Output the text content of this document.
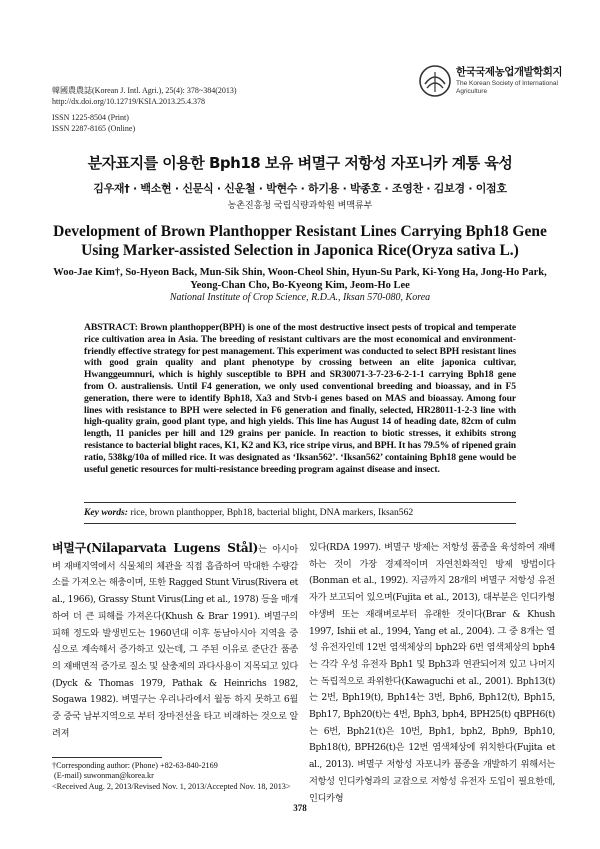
韓國農農誌(Korean J. Intl. Agri.), 25(4): 378~384(2013)
http://dx.doi.org/10.12719/KSIA.2013.25.4.378
ISSN 1225-8504 (Print)
ISSN 2287-8165 (Online)
한국국제농업개발학회지
The Korean Society of International
Agriculture
분자표지를 이용한 Bph18 보유 벼멸구 저항성 자포니카 계통 육성
김우재† · 백소현 · 신문식 · 신운철 · 박현수 · 하기용 · 박종호 · 조영찬 · 김보경 · 이점호
농촌진흥청 국립식량과학원 벼맥류부
Development of Brown Planthopper Resistant Lines Carrying Bph18 Gene
Using Marker-assisted Selection in Japonica Rice(Oryza sativa L.)
Woo-Jae Kim†, So-Hyeon Back, Mun-Sik Shin, Woon-Cheol Shin, Hyun-Su Park, Ki-Yong Ha, Jong-Ho Park,
Yeong-Chan Cho, Bo-Kyeong Kim, Jeom-Ho Lee
National Institute of Crop Science, R.D.A., Iksan 570-080, Korea
ABSTRACT: Brown planthopper(BPH) is one of the most destructive insect pests of tropical and temperate rice cultivation area in Asia. The breeding of resistant cultivars are the most economical and environment-friendly effective strategy for pest management. This experiment was conducted to select BPH resistant lines with good grain quality and plant phenotype by crossing between an elite japonica cultivar, Hwanggeumnuri, which is highly susceptible to BPH and SR30071-3-7-23-6-2-1-1 carrying Bph18 gene from O. australiensis. Until F4 generation, we only used conventional breeding and bioassay, and in F5 generation, there were to identify Bph18, Xa3 and Stvb-i genes based on MAS and bioassay. Among four lines with resistance to BPH were selected in F6 generation and finally, selected, HR28011-1-2-3 line with high-quality grain, good plant type, and high yields. This line has August 14 of heading date, 82cm of culm length, 11 panicles per hill and 129 grains per panicle. In reaction to biotic stresses, it exhibits strong resistance to bacterial blight races, K1, K2 and K3, rice stripe virus, and BPH. It has 79.5% of ripened grain ratio, 538kg/10a of milled rice. It was designated as ‘Iksan562’. ‘Iksan562’ containing Bph18 gene would be useful genetic resources for multi-resistance breeding program against disease and insect.
Key words: rice, brown planthopper, Bph18, bacterial blight, DNA markers, Iksan562
벼멸구(Nilaparvata Lugens Stål)는 아시아 벼 재배지역에서 식물체의 체관을 직접 흡즙하여 막대한 수량감소를 가져오는 해충이며, 또한 Ragged Stunt Virus(Rivera et al., 1966), Grassy Stunt Virus(Ling et al., 1978) 등을 매개하여 더 큰 피해를 가져온다(Khush & Brar 1991). 벼멸구의 피해 정도와 발생빈도는 1960년대 이후 동남아시아 지역을 중심으로 계속해서 증가하고 있는데, 그 주된 이유로 준단간 품종의 재배면적 증가로 질소 및 살충제의 과다사용이 지목되고 있다(Dyck & Thomas 1979, Pathak & Heinrichs 1982, Sogawa 1982). 벼멸구는 우리나라에서 월동 하지 못하고 6월 중 중국 남부지역으로 부터 장마전선을 타고 비래하는 것으로 알려져
있다(RDA 1997). 벼멸구 방제는 저항성 품종을 육성하여 재배하는 것이 가장 경제적이며 자연친화적인 방제 방법이다(Bonman et al., 1992). 지금까지 28개의 벼멸구 저항성 유전자가 보고되어 있으며(Fujita et al., 2013), 대부분은 인디카형 야생벼 또는 재래벼로부터 유래한 것이다(Brar & Khush 1997, Ishii et al., 1994, Yang et al., 2004). 그 중 8개는 열성 유전자인데 12번 염색체상의 bph2와 6번 염색체상의 bph4는 각각 우성 유전자 Bph1 및 Bph3과 연관되어져 있고 나머지는 독립적으로 좌위한다(Kawaguchi et al., 2001). Bph13(t)는 2번, Bph19(t), Bph14는 3번, Bph6, Bph12(t), Bph15, Bph17, Bph20(t)는 4번, Bph3, bph4, BPH25(t) qBPH6(t)는 6번, Bph21(t)은 10번, Bph1, bph2, Bph9, Bph10, Bph18(t), BPH26(t)은 12번 염색체상에 위치한다(Fujita et al., 2013). 벼멸구 저항성 자포니카 품종을 개발하기 위해서는 저항성 인디카형과의 교잡으로 저항성 유전자 도입이 필요한데, 인디카형
†Corresponding author: (Phone) +82-63-840-2169
(E-mail) suwonman@korea.kr
<Received Aug. 2, 2013/Revised Nov. 1, 2013/Accepted Nov. 18, 2013>
378
